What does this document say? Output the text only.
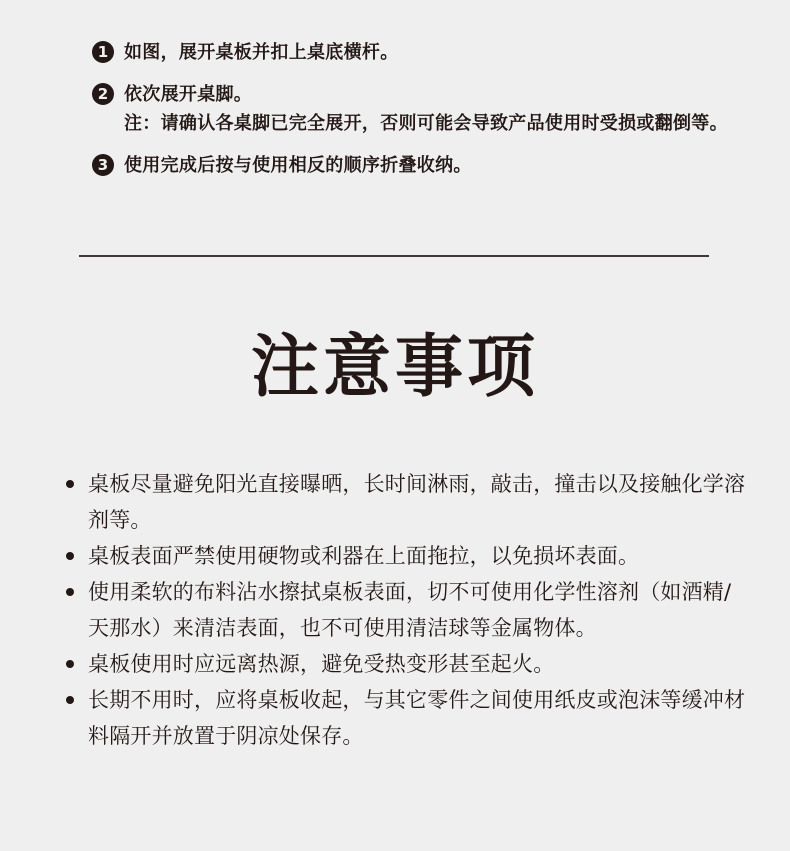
1 如图，展开桌板并扣上桌底横杆。
2 依次展开桌脚。
注：请确认各桌脚已完全展开，否则可能会导致产品使用时受损或翻倒等。
3 使用完成后按与使用相反的顺序折叠收纳。
注意事项
桌板尽量避免阳光直接曝晒，长时间淋雨，敲击，撞击以及接触化学溶剂等。
桌板表面严禁使用硬物或利器在上面拖拉，以免损坏表面。
使用柔软的布料沾水擦拭桌板表面，切不可使用化学性溶剂（如酒精/天那水）来清洁表面，也不可使用清洁球等金属物体。
桌板使用时应远离热源，避免受热变形甚至起火。
长期不用时，应将桌板收起，与其它零件之间使用纸皮或泡沫等缓冲材料隔开并放置于阴凉处保存。
